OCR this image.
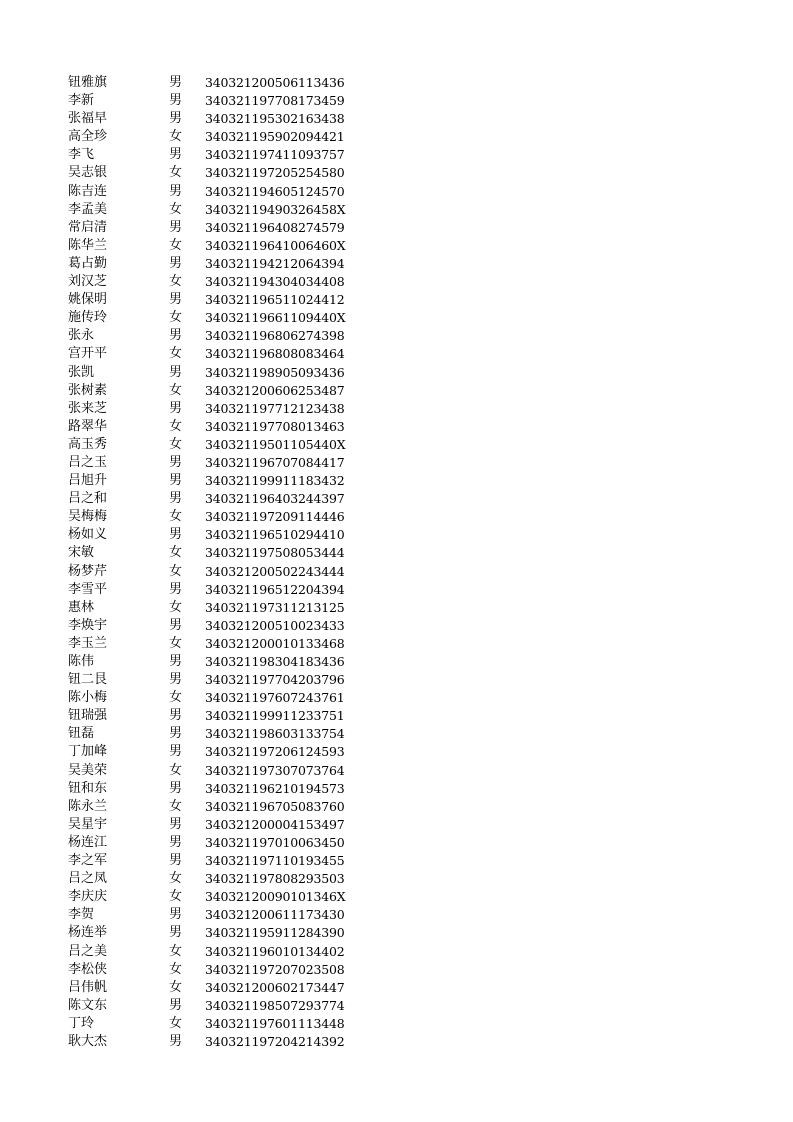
钮雅旗	男	340321200506113436
李新	男	340321197708173459
张福早	男	340321195302163438
高全珍	女	340321195902094421
李飞	男	340321197411093757
吴志银	女	340321197205254580
陈吉连	男	340321194605124570
李孟美	女	34032119490326458X
常启清	男	340321196408274579
陈华兰	女	34032119641006460X
葛占勤	男	340321194212064394
刘汉芝	女	340321194304034408
姚保明	男	340321196511024412
施传玲	女	34032119661109440X
张永	男	340321196806274398
宫开平	女	340321196808083464
张凯	男	340321198905093436
张树素	女	340321200606253487
张来芝	男	340321197712123438
路翠华	女	340321197708013463
高玉秀	女	34032119501105440X
吕之玉	男	340321196707084417
吕旭升	男	340321199911183432
吕之和	男	340321196403244397
吴梅梅	女	340321197209114446
杨如义	男	340321196510294410
宋敏	女	340321197508053444
杨梦芹	女	340321200502243444
李雪平	男	340321196512204394
惠林	女	340321197311213125
李焕宇	男	340321200510023433
李玉兰	女	340321200010133468
陈伟	男	340321198304183436
钮二艮	男	340321197704203796
陈小梅	女	340321197607243761
钮瑞强	男	340321199911233751
钮磊	男	340321198603133754
丁加峰	男	340321197206124593
吴美荣	女	340321197307073764
钮和东	男	340321196210194573
陈永兰	女	340321196705083760
吴星宇	男	340321200004153497
杨连江	男	340321197010063450
李之军	男	340321197110193455
吕之凤	女	340321197808293503
李庆庆	女	34032120090101346X
李贺	男	340321200611173430
杨连举	男	340321195911284390
吕之美	女	340321196010134402
李松侠	女	340321197207023508
吕伟帆	女	340321200602173447
陈文东	男	340321198507293774
丁玲	女	340321197601113448
耿大杰	男	340321197204214392
